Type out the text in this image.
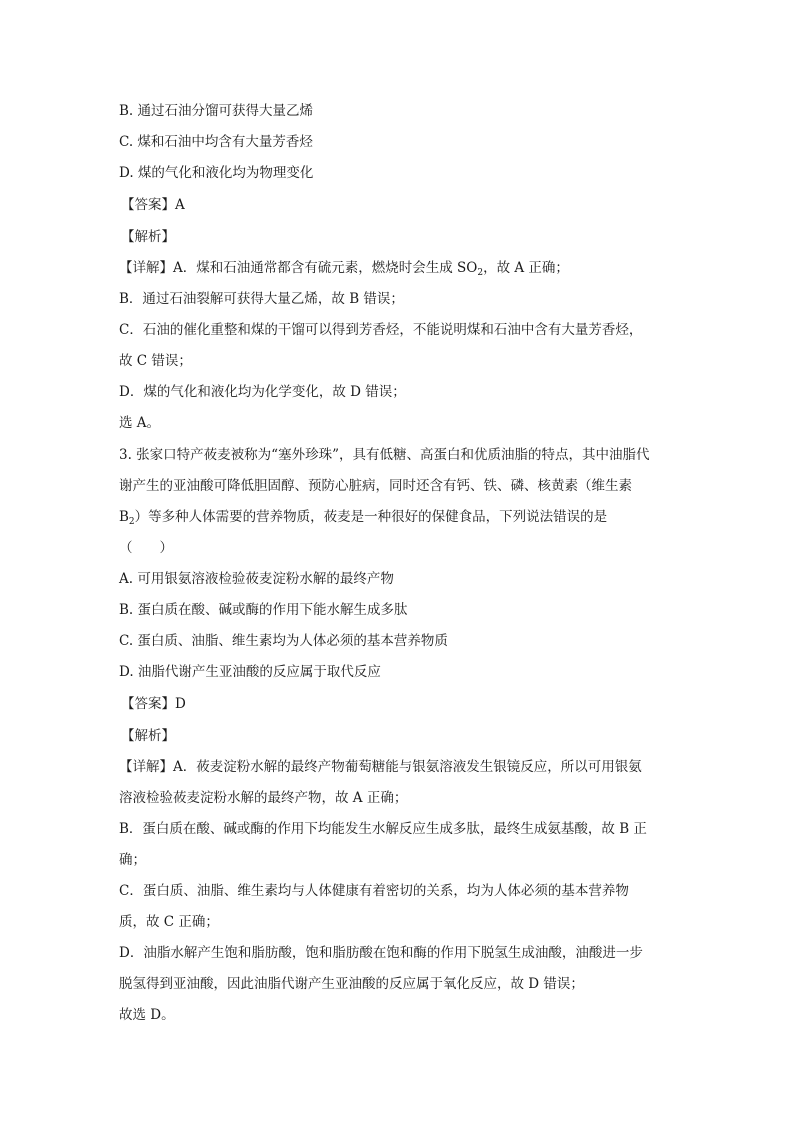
B. 通过石油分馏可获得大量乙烯
C. 煤和石油中均含有大量芳香烃
D. 煤的气化和液化均为物理变化
【答案】A
【解析】
【详解】A．煤和石油通常都含有硫元素，燃烧时会生成 $SO_2$，故 A 正确；
B．通过石油裂解可获得大量乙烯，故 B 错误；
C．石油的催化重整和煤的干馏可以得到芳香烃，不能说明煤和石油中含有大量芳香烃，
故 C 错误；
D．煤的气化和液化均为化学变化，故 D 错误；
选 A。
3. 张家口特产莜麦被称为“塞外珍珠”，具有低糖、高蛋白和优质油脂的特点，其中油脂代
谢产生的亚油酸可降低胆固醇、预防心脏病，同时还含有钙、铁、磷、核黄素（维生素
$B_2$）等多种人体需要的营养物质，莜麦是一种很好的保健食品，下列说法错误的是
（　　）
A. 可用银氨溶液检验莜麦淀粉水解的最终产物
B. 蛋白质在酸、碱或酶的作用下能水解生成多肽
C. 蛋白质、油脂、维生素均为人体必须的基本营养物质
D. 油脂代谢产生亚油酸的反应属于取代反应
【答案】D
【解析】
【详解】A．莜麦淀粉水解的最终产物葡萄糖能与银氨溶液发生银镜反应，所以可用银氨
溶液检验莜麦淀粉水解的最终产物，故 A 正确；
B．蛋白质在酸、碱或酶的作用下均能发生水解反应生成多肽，最终生成氨基酸，故 B 正
确；
C．蛋白质、油脂、维生素均与人体健康有着密切的关系，均为人体必须的基本营养物
质，故 C 正确；
D．油脂水解产生饱和脂肪酸，饱和脂肪酸在饱和酶的作用下脱氢生成油酸，油酸进一步
脱氢得到亚油酸，因此油脂代谢产生亚油酸的反应属于氧化反应，故 D 错误；
故选 D。
